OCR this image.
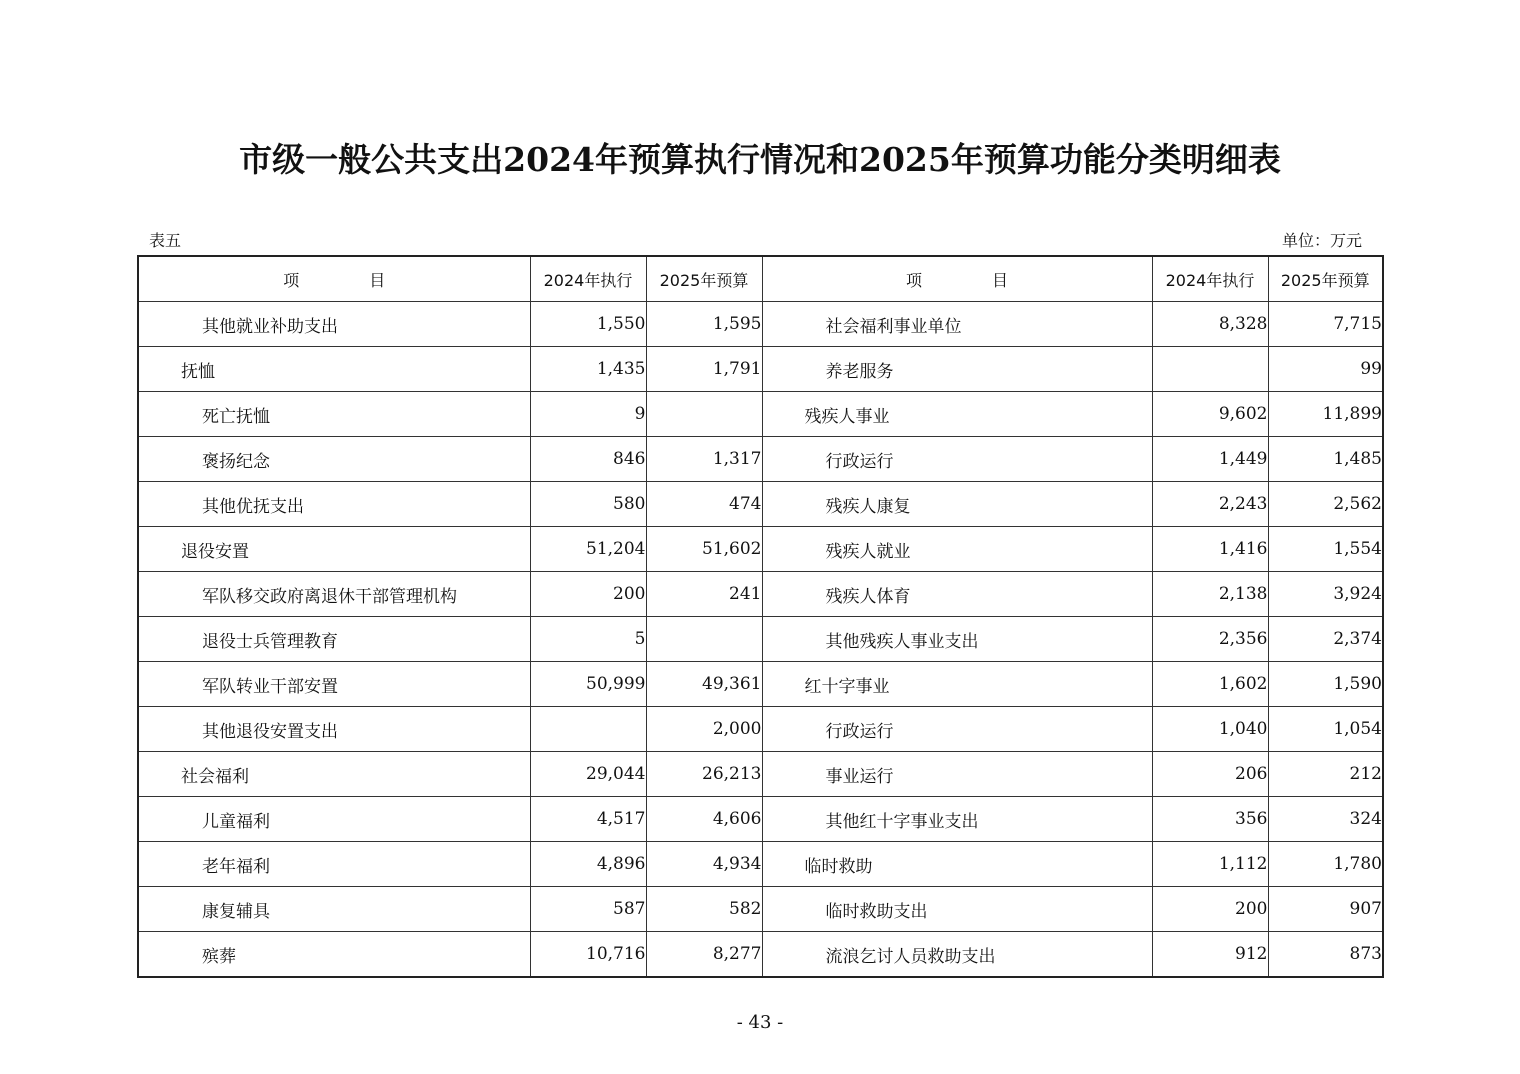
市级一般公共支出2024年预算执行情况和2025年预算功能分类明细表
表五	单位：万元
项 目	2024年执行	2025年预算	项 目	2024年执行	2025年预算
其他就业补助支出	1,550	1,595	社会福利事业单位	8,328	7,715
抚恤	1,435	1,791	养老服务		99
死亡抚恤	9		残疾人事业	9,602	11,899
褒扬纪念	846	1,317	行政运行	1,449	1,485
其他优抚支出	580	474	残疾人康复	2,243	2,562
退役安置	51,204	51,602	残疾人就业	1,416	1,554
军队移交政府离退休干部管理机构	200	241	残疾人体育	2,138	3,924
退役士兵管理教育	5		其他残疾人事业支出	2,356	2,374
军队转业干部安置	50,999	49,361	红十字事业	1,602	1,590
其他退役安置支出		2,000	行政运行	1,040	1,054
社会福利	29,044	26,213	事业运行	206	212
儿童福利	4,517	4,606	其他红十字事业支出	356	324
老年福利	4,896	4,934	临时救助	1,112	1,780
康复辅具	587	582	临时救助支出	200	907
殡葬	10,716	8,277	流浪乞讨人员救助支出	912	873
- 43 -
